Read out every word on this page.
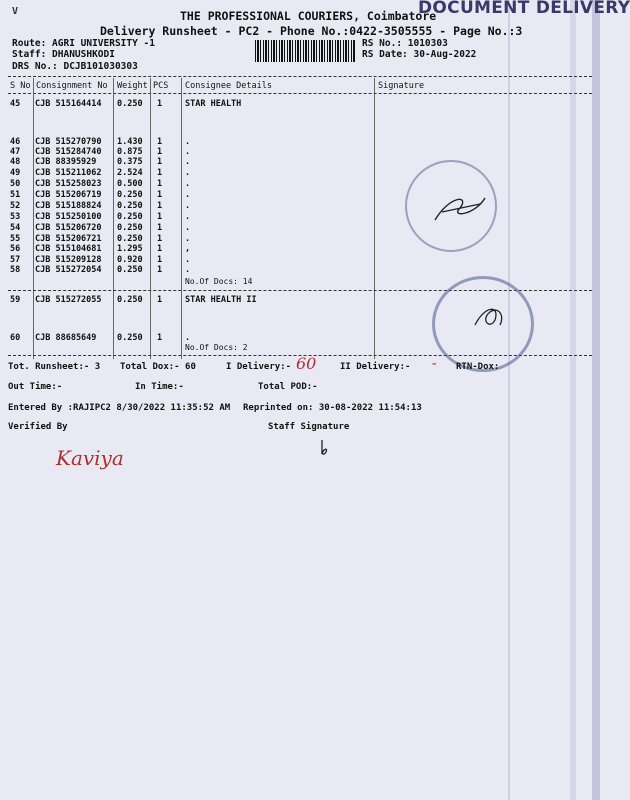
V	THE PROFESSIONAL COURIERS, Coimbatore
DOCUMENT DELIVERY
Delivery Runsheet - PC2 - Phone No.:0422-3505555 - Page No.:3
Route: AGRI UNIVERSITY -1
Staff: DHANUSHKODI
DRS No.: DCJB101030303
RS No.: 1010303
RS Date: 30-Aug-2022
S No Consignment No Weight PCS Consignee Details	Signature
45 CJB 515164414 0.250 1	STAR HEALTH
46 CJB 515270790 1.430 1	.
47 CJB 515284740 0.875 1	.
48 CJB 88395929 0.375 1	.
49 CJB 515211062 2.524 1	.
50 CJB 515258023 0.500 1	.
51 CJB 515206719 0.250 1	.
52 CJB 515188824 0.250 1	.
53 CJB 515250100 0.250 1	.
54 CJB 515206720 0.250 1	.
55 CJB 515206721 0.250 1	.
56 CJB 515104681 1.295 1	,
57 CJB 515209128 0.920 1	.
58 CJB 515272054 0.250 1	.
No.Of Docs: 14
59 CJB 515272055 0.250 1	STAR HEALTH II
60 CJB 88685649 0.250 1	.
No.Of Docs: 2
Tot. Runsheet:- 3 Total Dox:- 60	I Delivery:- 60	II Delivery:- - RTN-Dox:
Out Time:-	In Time:-	Total POD:-
Entered By :RAJIPC2 8/30/2022 11:35:52 AM Reprinted on: 30-08-2022 11:54:13
Verified By	Staff Signature
Kaviya
